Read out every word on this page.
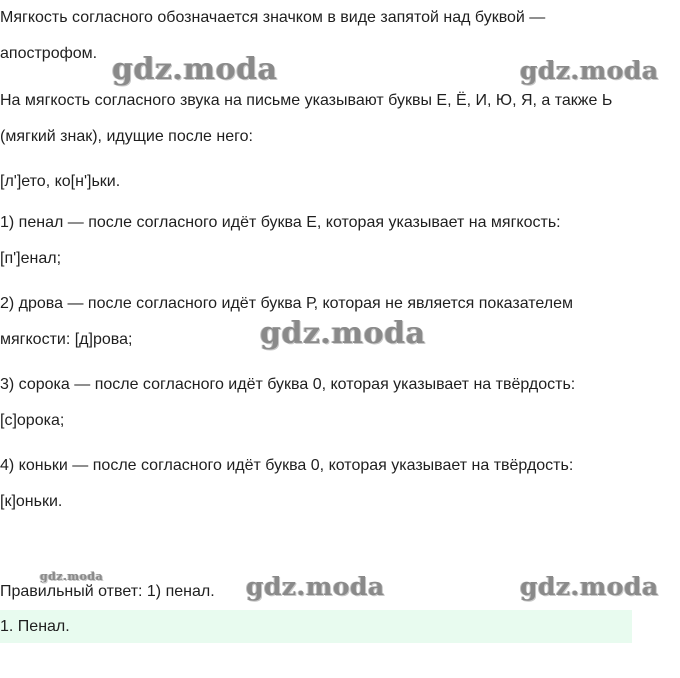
Мягкость согласного обозначается значком в виде запятой над буквой —
апострофом.
На мягкость согласного звука на письме указывают буквы Е, Ё, И, Ю, Я, а также Ь
(мягкий знак), идущие после него:
[л']ето, ко[н']ьки.
1) пенал — после согласного идёт буква Е, которая указывает на мягкость:
[п']енал;
2) дрова — после согласного идёт буква Р, которая не является показателем
мягкости: [д]рова;
3) сорока — после согласного идёт буква 0, которая указывает на твёрдость:
[с]орока;
4) коньки — после согласного идёт буква 0, которая указывает на твёрдость:
[к]оньки.
Правильный ответ: 1) пенал.
1. Пенал.
gdz.moda	gdz.moda
gdz.moda
gdz.moda	gdz.moda	gdz.moda
